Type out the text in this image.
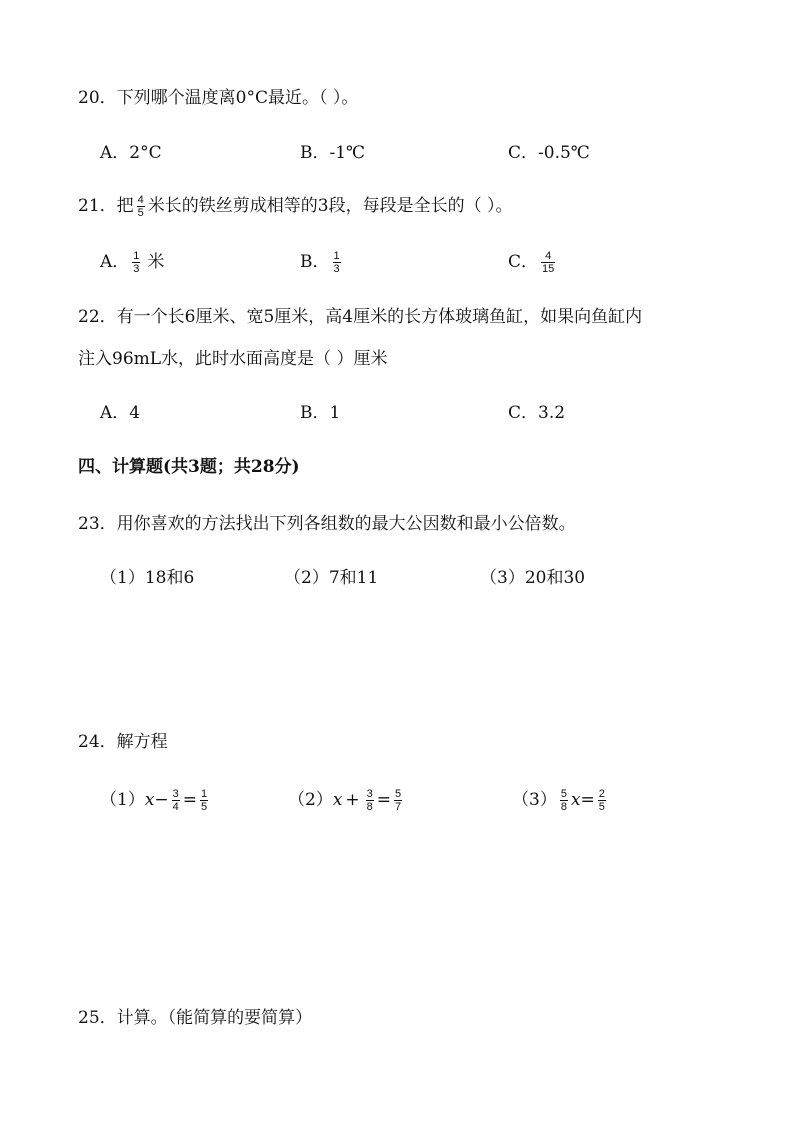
20．下列哪个温度离0°C最近。（ ）。
A．2°C	B．-1℃	C．-0.5℃
21．把 $\frac{4}{5}$ 米长的铁丝剪成相等的3段，每段是全长的（ ）。
A． $\frac{1}{3}$ 米	B． $\frac{1}{3}$	C． $\frac{4}{15}$
22．有一个长6厘米、宽5厘米，高4厘米的长方体玻璃鱼缸，如果向鱼缸内
注入96mL水，此时水面高度是（ ）厘米
A．4	B．1	C．3.2
四、计算题(共3题；共28分)
23．用你喜欢的方法找出下列各组数的最大公因数和最小公倍数。
（1）18和6	（2）7和11	（3）20和30
24．解方程
$(1)x- \frac{3}{4} = \frac{1}{5}$	$(2)x + \frac{3}{8} = \frac{5}{7}$	$(3) \frac{5}{8} x= \frac{2}{5}$
25．计算。（能简算的要简算）
